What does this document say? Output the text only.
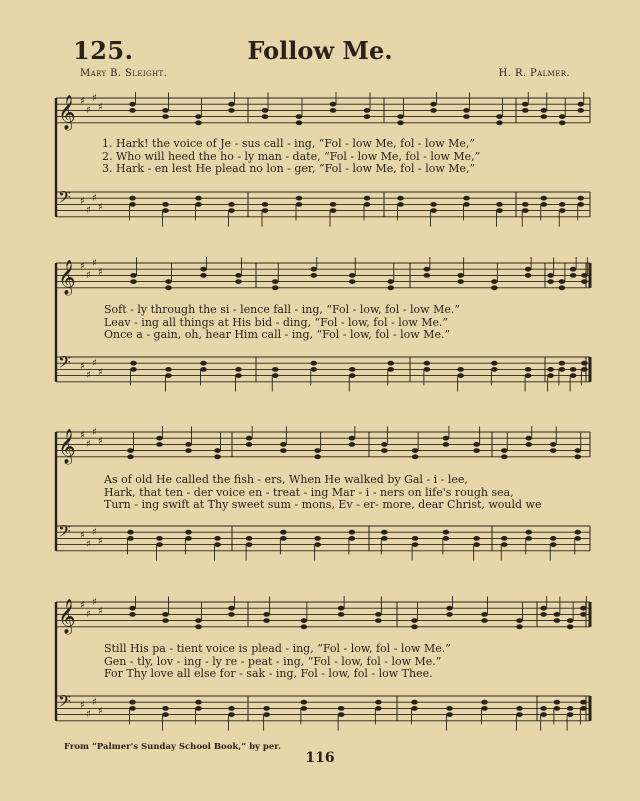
125.	Follow Me.
Mary B. Sleight.	H. R. Palmer.
𝄞 ♯
♯
♯
♯
𝄢 ♯
♯
♯
♯
1. Hark! the voice of Je - sus call - ing, “Fol - low Me, fol - low Me,”
2. Who will heed the ho - ly man - date, “Fol - low Me, fol - low Me,”
3. Hark - en lest He plead no lon - ger, “Fol - low Me, fol - low Me,”
𝄞 ♯
♯
♯
♯
𝄢 ♯
♯
♯
♯
Soft - ly through the si - lence fall - ing, “Fol - low, fol - low Me.”
Leav - ing all things at His bid - ding, “Fol - low, fol - low Me.”
Once a - gain, oh, hear Him call - ing, “Fol - low, fol - low Me.”
𝄞 ♯
♯
♯
♯
𝄢 ♯
♯
♯
♯
As of old He called the fish - ers, When He walked by Gal - i - lee,
Hark, that ten - der voice en - treat - ing Mar - i - ners on life's rough sea,
Turn - ing swift at Thy sweet sum - mons, Ev - er- more, dear Christ, would we
𝄞 ♯
♯
♯
♯
𝄢 ♯
♯
♯
♯
Still His pa - tient voice is plead - ing, “Fol - low, fol - low Me.”
Gen - tly, lov - ing - ly re - peat - ing, “Fol - low, fol - low Me.”
For Thy love all else for - sak - ing, Fol - low, fol - low Thee.
From “Palmer's Sunday School Book,” by per.
116
